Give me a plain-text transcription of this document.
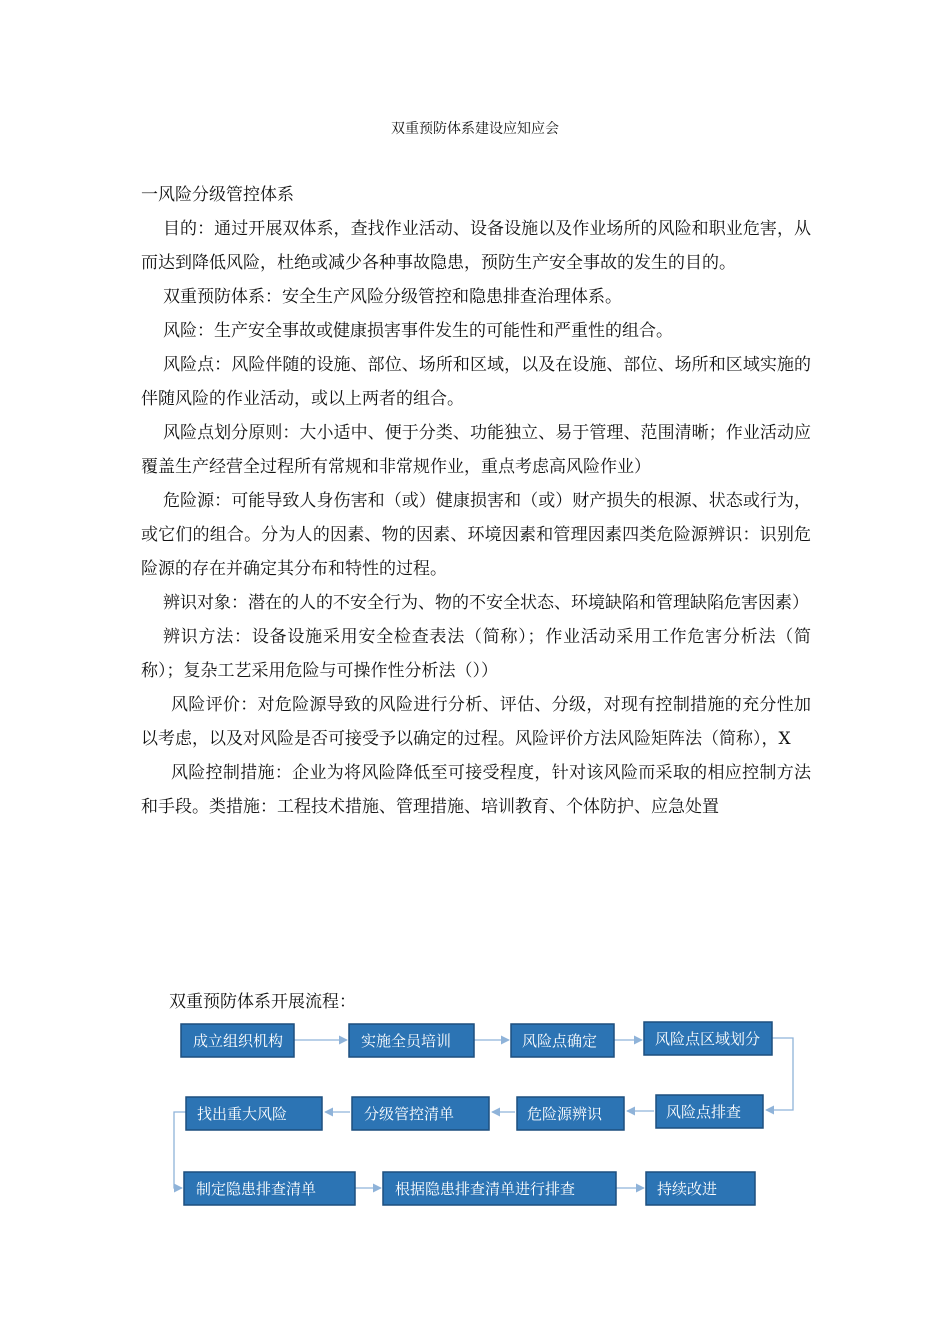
双重预防体系建设应知应会

一风险分级管控体系

目的：通过开展双体系，查找作业活动、设备设施以及作业场所的风险和职业危害，从而达到降低风险，杜绝或减少各种事故隐患，预防生产安全事故的发生的目的。

双重预防体系：安全生产风险分级管控和隐患排查治理体系。

风险：生产安全事故或健康损害事件发生的可能性和严重性的组合。

风险点：风险伴随的设施、部位、场所和区域，以及在设施、部位、场所和区域实施的伴随风险的作业活动，或以上两者的组合。

风险点划分原则：大小适中、便于分类、功能独立、易于管理、范围清晰；作业活动应覆盖生产经营全过程所有常规和非常规作业，重点考虑高风险作业）

危险源：可能导致人身伤害和（或）健康损害和（或）财产损失的根源、状态或行为，或它们的组合。分为人的因素、物的因素、环境因素和管理因素四类危险源辨识：识别危险源的存在并确定其分布和特性的过程。

辨识对象：潜在的人的不安全行为、物的不安全状态、环境缺陷和管理缺陷危害因素）

辨识方法：设备设施采用安全检查表法（简称）；作业活动采用工作危害分析法（简称）；复杂工艺采用危险与可操作性分析法（））

风险评价：对危险源导致的风险进行分析、评估、分级，对现有控制措施的充分性加以考虑，以及对风险是否可接受予以确定的过程。风险评价方法风险矩阵法（简称），X

风险控制措施：企业为将风险降低至可接受程度，针对该风险而采取的相应控制方法和手段。类措施：工程技术措施、管理措施、培训教育、个体防护、应急处置

双重预防体系开展流程：
成立组织机构	实施全员培训	风险点确定	风险点区域划分
找出重大风险	分级管控清单	危险源辨识	风险点排查
制定隐患排查清单	根据隐患排查清单进行排查	持续改进
